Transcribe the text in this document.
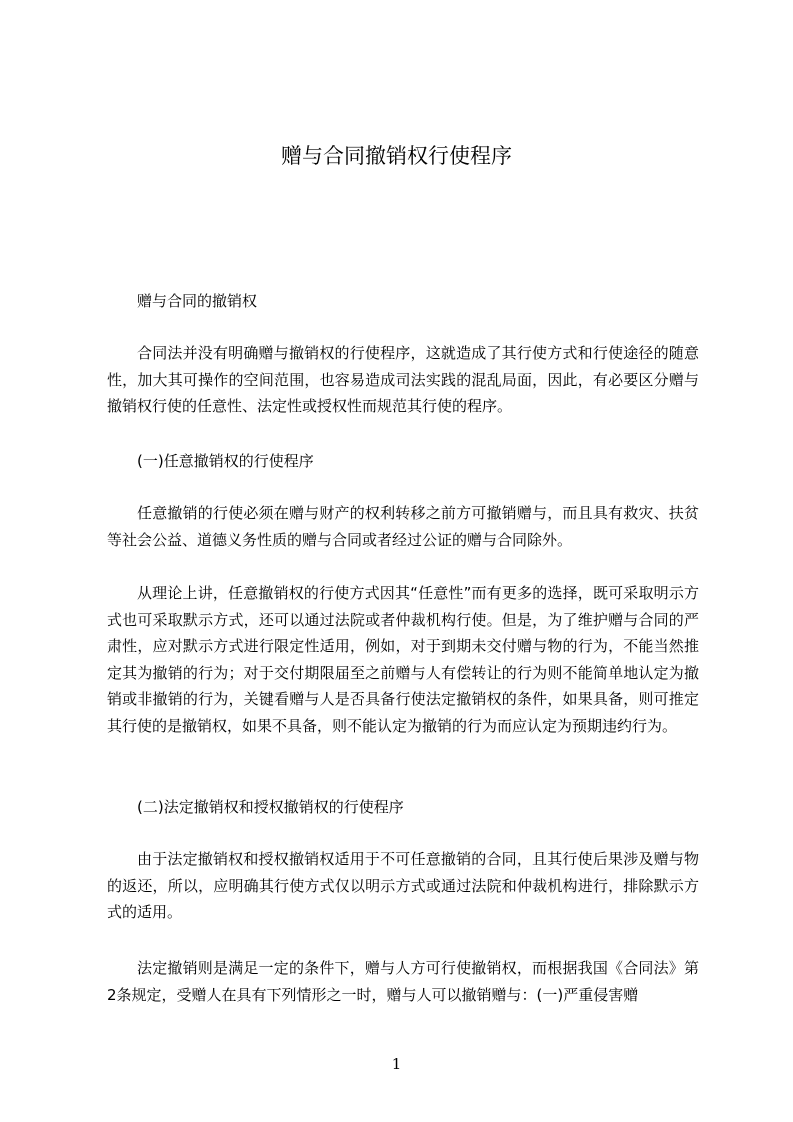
赠与合同撤销权行使程序

赠与合同的撤销权

合同法并没有明确赠与撤销权的行使程序，这就造成了其行使方式和行使途径的随意性，加大其可操作的空间范围，也容易造成司法实践的混乱局面，因此，有必要区分赠与撤销权行使的任意性、法定性或授权性而规范其行使的程序。

(一)任意撤销权的行使程序

任意撤销的行使必须在赠与财产的权利转移之前方可撤销赠与，而且具有救灾、扶贫等社会公益、道德义务性质的赠与合同或者经过公证的赠与合同除外。

从理论上讲，任意撤销权的行使方式因其“任意性”而有更多的选择，既可采取明示方式也可采取默示方式，还可以通过法院或者仲裁机构行使。但是，为了维护赠与合同的严肃性，应对默示方式进行限定性适用，例如，对于到期未交付赠与物的行为，不能当然推定其为撤销的行为；对于交付期限届至之前赠与人有偿转让的行为则不能简单地认定为撤销或非撤销的行为，关键看赠与人是否具备行使法定撤销权的条件，如果具备，则可推定其行使的是撤销权，如果不具备，则不能认定为撤销的行为而应认定为预期违约行为。

(二)法定撤销权和授权撤销权的行使程序

由于法定撤销权和授权撤销权适用于不可任意撤销的合同，且其行使后果涉及赠与物的返还，所以，应明确其行使方式仅以明示方式或通过法院和仲裁机构进行，排除默示方式的适用。

法定撤销则是满足一定的条件下，赠与人方可行使撤销权，而根据我国《合同法》第2条规定，受赠人在具有下列情形之一时，赠与人可以撤销赠与：(一)严重侵害赠

1
